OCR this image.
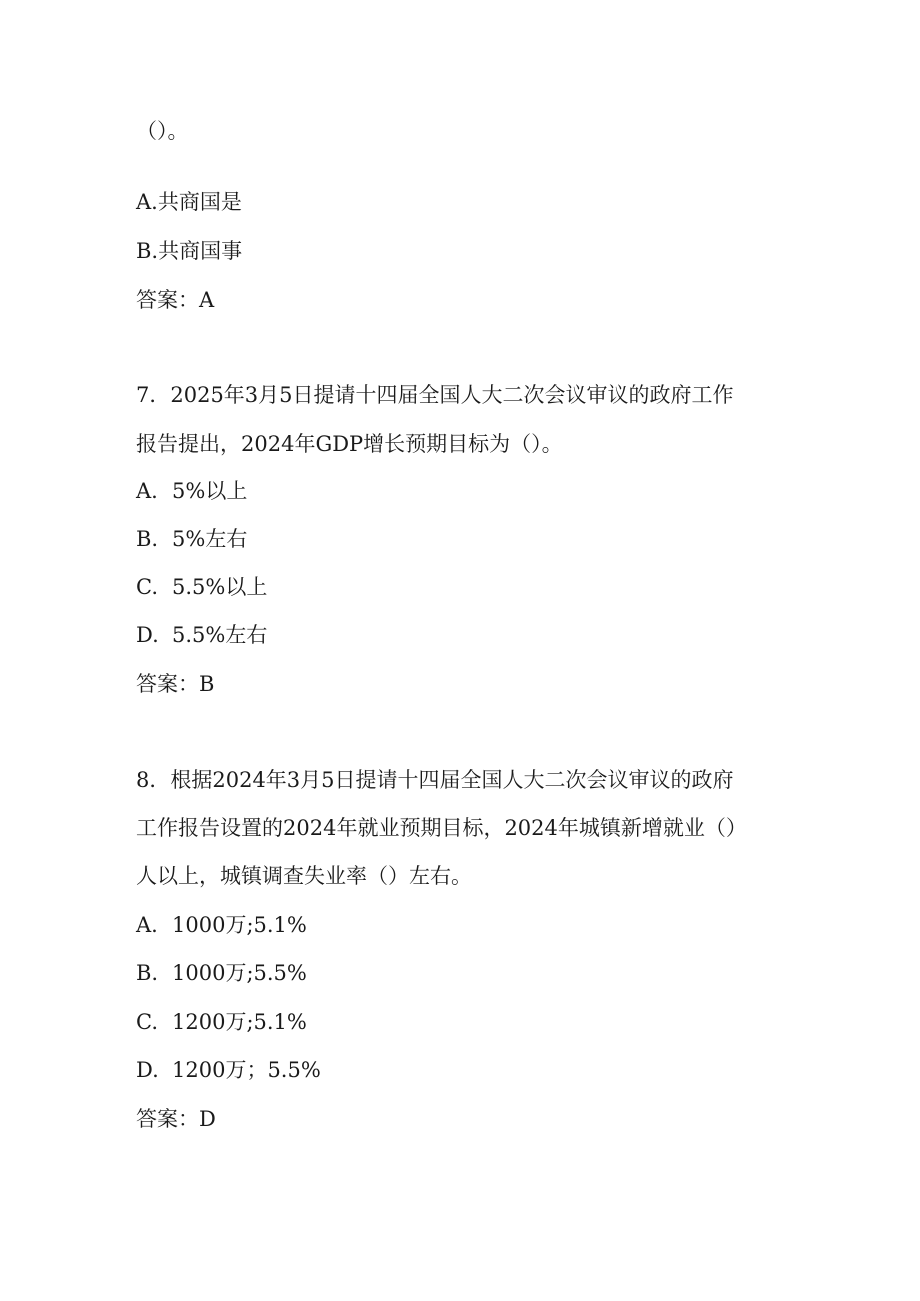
（）。
A.共商国是
B.共商国事
答案：A
7．2025年3月5日提请十四届全国人大二次会议审议的政府工作
报告提出，2024年GDP增长预期目标为（）。
A. 5%以上
B. 5%左右
C. 5.5%以上
D. 5.5%左右
答案：B
8．根据2024年3月5日提请十四届全国人大二次会议审议的政府
工作报告设置的2024年就业预期目标，2024年城镇新增就业（）
人以上，城镇调查失业率（）左右。
A. 1000万;5.1%
B. 1000万;5.5%
C. 1200万;5.1%
D. 1200万；5.5%
答案：D
